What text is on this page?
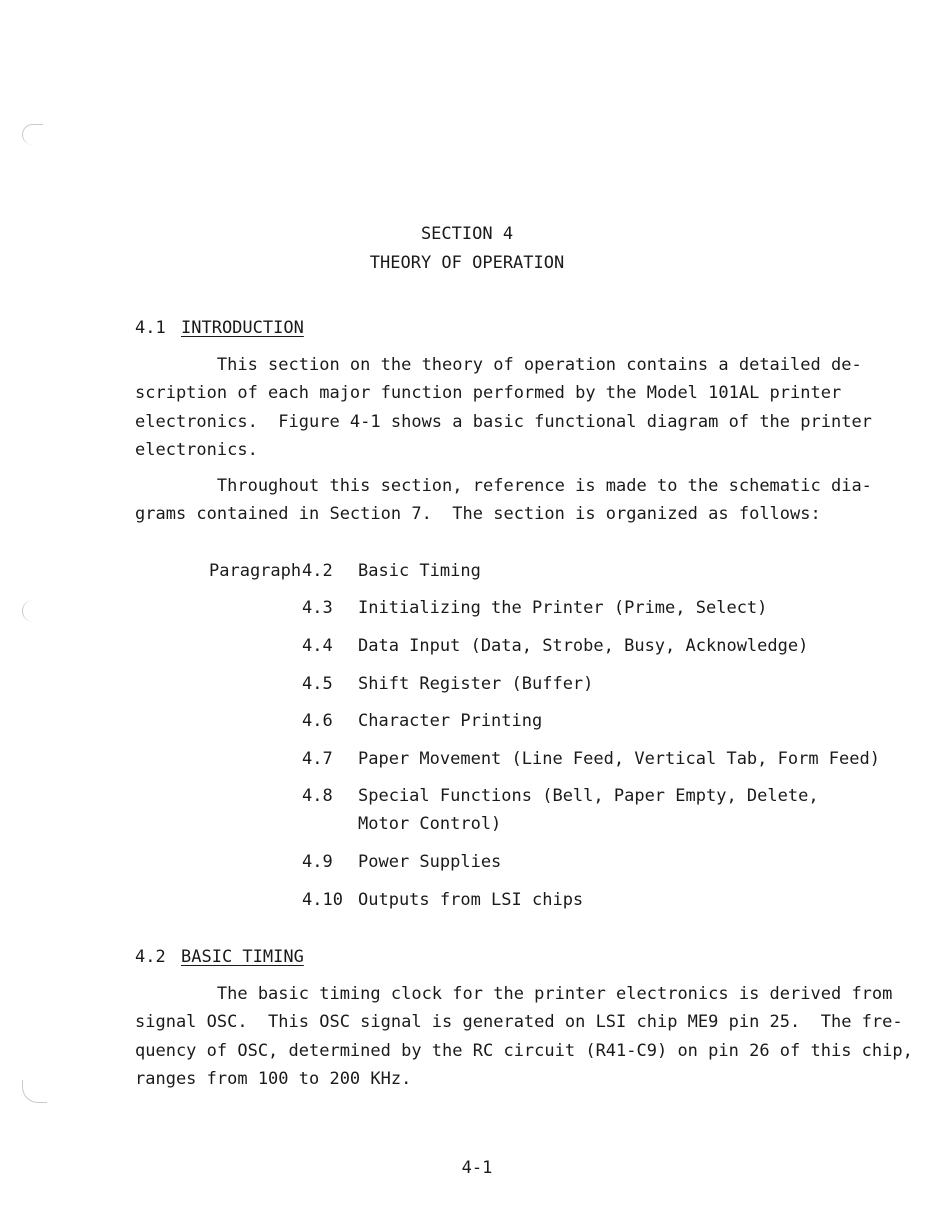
SECTION 4
THEORY OF OPERATION
4.1 INTRODUCTION

This section on the theory of operation contains a detailed de-
scription of each major function performed by the Model 101AL printer
electronics.  Figure 4-1 shows a basic functional diagram of the printer
electronics.

Throughout this section, reference is made to the schematic dia-
grams contained in Section 7.  The section is organized as follows:

Paragraph 4.2 Basic Timing
4.3 Initializing the Printer (Prime, Select)
4.4 Data Input (Data, Strobe, Busy, Acknowledge)
4.5 Shift Register (Buffer)
4.6 Character Printing
4.7 Paper Movement (Line Feed, Vertical Tab, Form Feed)
4.8 Special Functions (Bell, Paper Empty, Delete,
Motor Control)
4.9 Power Supplies
4.10 Outputs from LSI chips
4.2 BASIC TIMING

The basic timing clock for the printer electronics is derived from
signal OSC.  This OSC signal is generated on LSI chip ME9 pin 25.  The fre-
quency of OSC, determined by the RC circuit (R41-C9) on pin 26 of this chip,
ranges from 100 to 200 KHz.

4-1
